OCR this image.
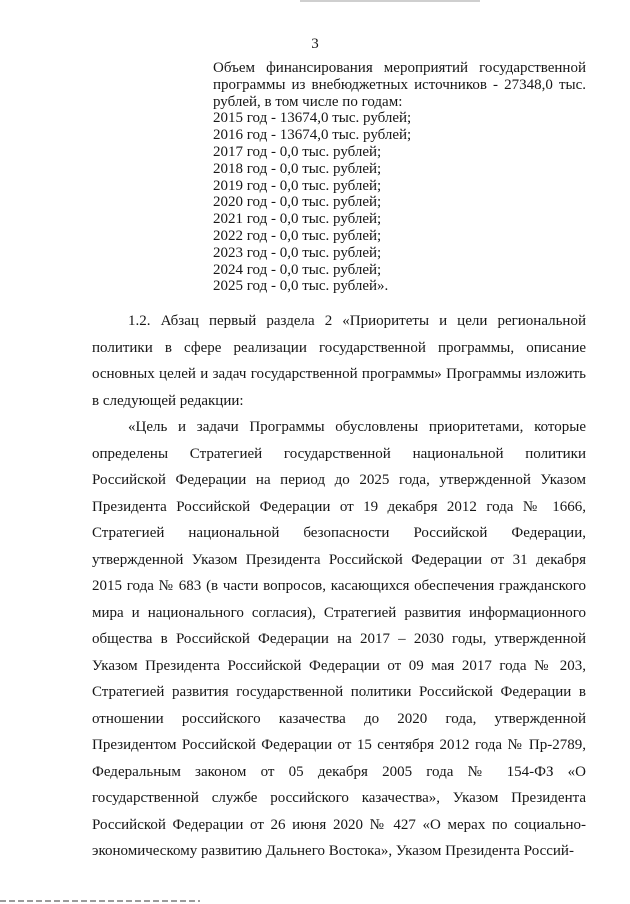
3

Объем финансирования мероприятий государственной программы из внебюджетных источников - 27348,0 тыс. рублей, в том числе по годам:

2015 год - 13674,0 тыс. рублей;
2016 год - 13674,0 тыс. рублей;
2017 год - 0,0 тыс. рублей;
2018 год - 0,0 тыс. рублей;
2019 год - 0,0 тыс. рублей;
2020 год - 0,0 тыс. рублей;
2021 год - 0,0 тыс. рублей;
2022 год - 0,0 тыс. рублей;
2023 год - 0,0 тыс. рублей;
2024 год - 0,0 тыс. рублей;
2025 год - 0,0 тыс. рублей».

1.2. Абзац первый раздела 2 «Приоритеты и цели региональной политики в сфере реализации государственной программы, описание основных целей и задач государственной программы» Программы изложить в следующей редакции:

«Цель и задачи Программы обусловлены приоритетами, которые определены Стратегией государственной национальной политики Российской Федерации на период до 2025 года, утвержденной Указом Президента Российской Федерации от 19 декабря 2012 года № 1666, Стратегией национальной безопасности Российской Федерации, утвержденной Указом Президента Российской Федерации от 31 декабря 2015 года № 683 (в части вопросов, касающихся обеспечения гражданского мира и национального согласия), Стратегией развития информационного общества в Российской Федерации на 2017 – 2030 годы, утвержденной Указом Президента Российской Федерации от 09 мая 2017 года № 203, Стратегией развития государственной политики Российской Федерации в отношении российского казачества до 2020 года, утвержденной Президентом Российской Федерации от 15 сентября 2012 года № Пр-2789, Федеральным законом от 05 декабря 2005 года № 154-ФЗ «О государственной службе российского казачества», Указом Президента Российской Федерации от 26 июня 2020 № 427 «О мерах по социально-экономическому развитию Дальнего Востока», Указом Президента Россий-
